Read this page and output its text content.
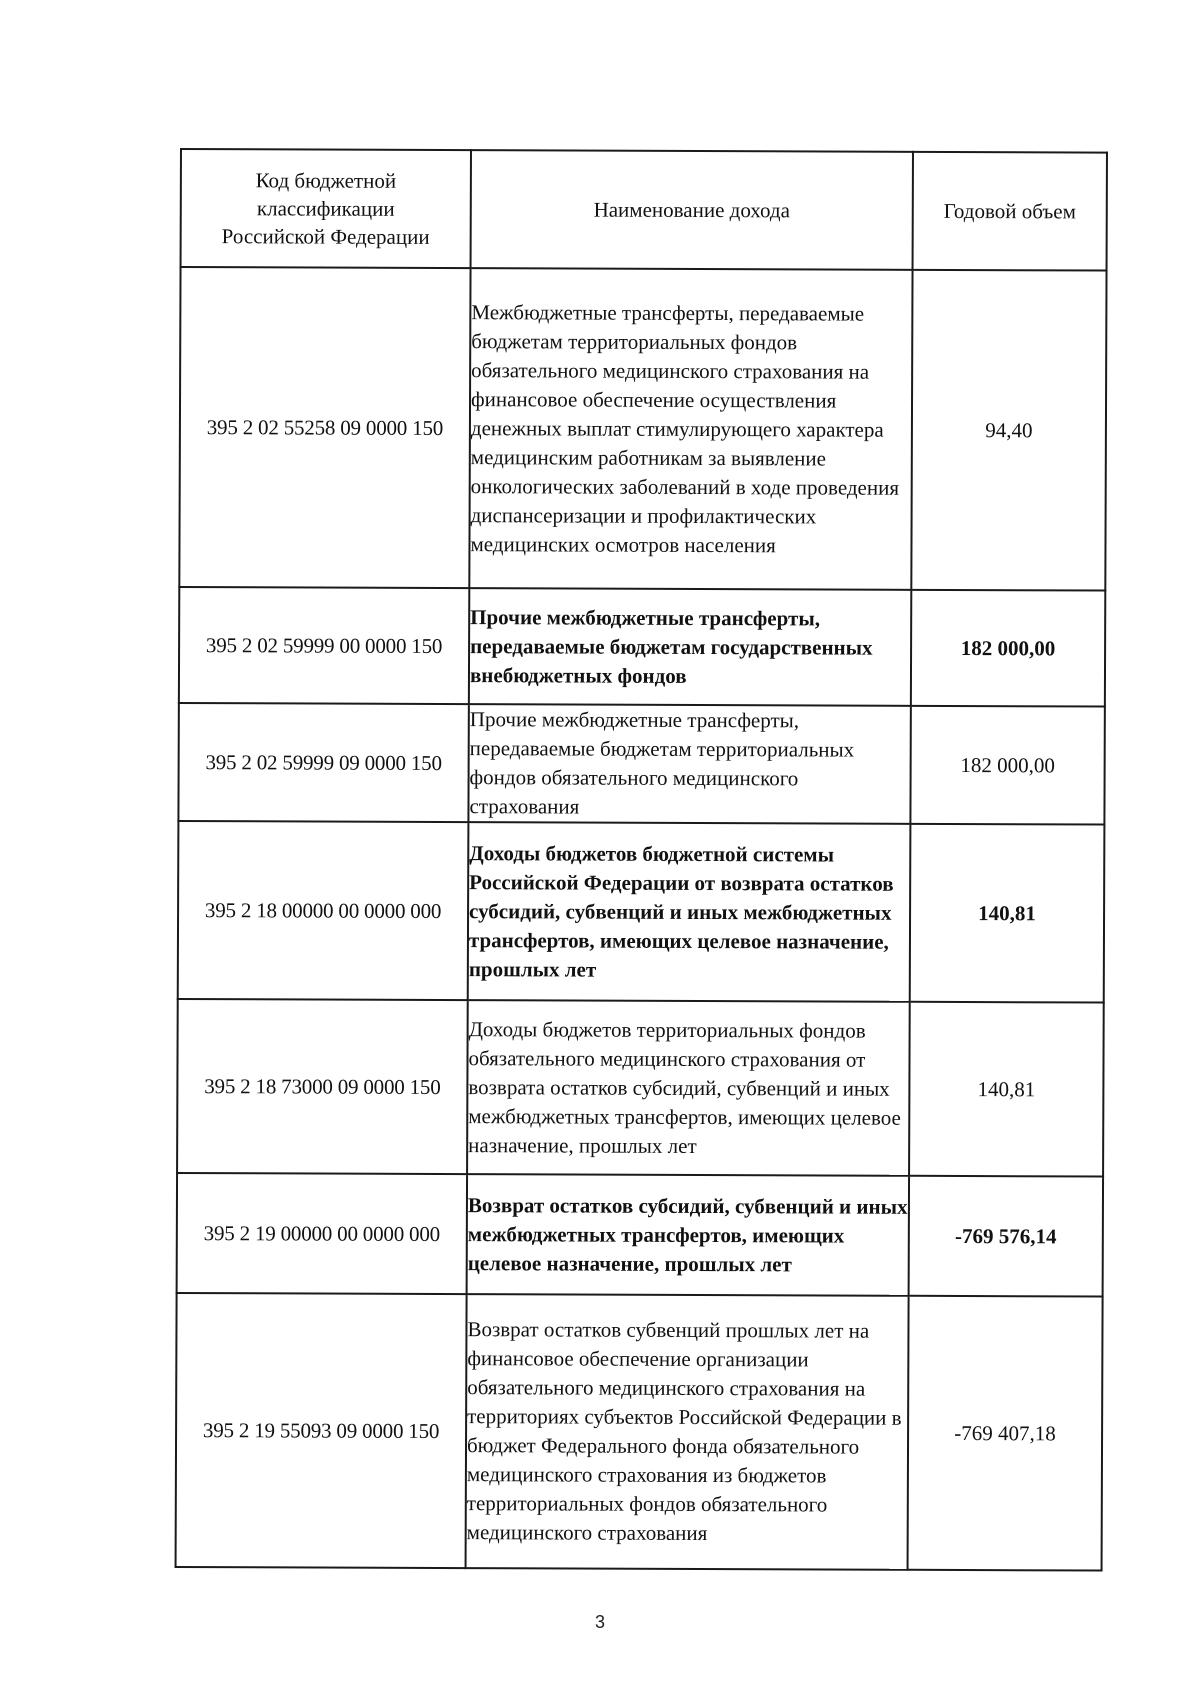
Код бюджетной классификации Российской Федерации	Наименование дохода	Годовой объем
395 2 02 55258 09 0000 150	Межбюджетные трансферты, передаваемые бюджетам территориальных фондов обязательного медицинского страхования на финансовое обеспечение осуществления денежных выплат стимулирующего характера медицинским работникам за выявление онкологических заболеваний в ходе проведения диспансеризации и профилактических медицинских осмотров населения	94,40
395 2 02 59999 00 0000 150	Прочие межбюджетные трансферты, передаваемые бюджетам государственных внебюджетных фондов	182 000,00
395 2 02 59999 09 0000 150	Прочие межбюджетные трансферты, передаваемые бюджетам территориальных фондов обязательного медицинского страхования	182 000,00
395 2 18 00000 00 0000 000	Доходы бюджетов бюджетной системы Российской Федерации от возврата остатков субсидий, субвенций и иных межбюджетных трансфертов, имеющих целевое назначение, прошлых лет	140,81
395 2 18 73000 09 0000 150	Доходы бюджетов территориальных фондов обязательного медицинского страхования от возврата остатков субсидий, субвенций и иных межбюджетных трансфертов, имеющих целевое назначение, прошлых лет	140,81
395 2 19 00000 00 0000 000	Возврат остатков субсидий, субвенций и иных межбюджетных трансфертов, имеющих целевое назначение, прошлых лет	-769 576,14
395 2 19 55093 09 0000 150	Возврат остатков субвенций прошлых лет на финансовое обеспечение организации обязательного медицинского страхования на территориях субъектов Российской Федерации в бюджет Федерального фонда обязательного медицинского страхования из бюджетов территориальных фондов обязательного медицинского страхования	-769 407,18
3
